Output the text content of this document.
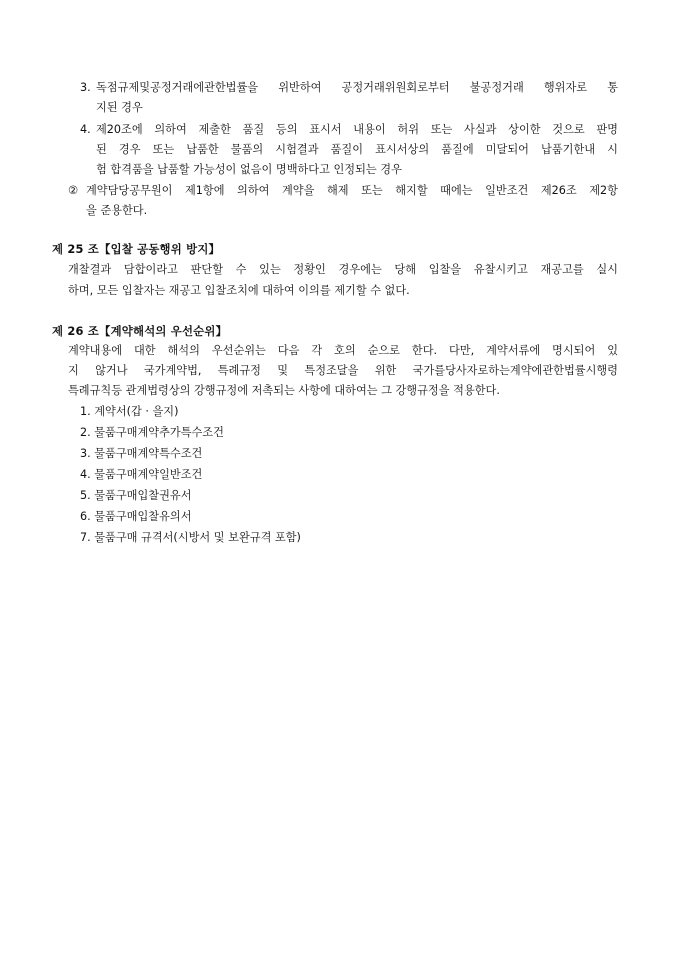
3. 독점규제및공정거래에관한법률을 위반하여 공정거래위원회로부터 불공정거래 행위자로 통
지된 경우
4. 제20조에 의하여 제출한 품질 등의 표시서 내용이 허위 또는 사실과 상이한 것으로 판명
된 경우 또는 납품한 물품의 시험결과 품질이 표시서상의 품질에 미달되어 납품기한내 시
험 합격품을 납품할 가능성이 없음이 명백하다고 인정되는 경우
② 계약담당공무원이 제1항에 의하여 계약을 해제 또는 해지할 때에는 일반조건 제26조 제2항
을 준용한다.
제 25 조【입찰 공동행위 방지】
개찰결과 담합이라고 판단할 수 있는 정황인 경우에는 당해 입찰을 유찰시키고 재공고를 실시
하며, 모든 입찰자는 재공고 입찰조치에 대하여 이의를 제기할 수 없다.
제 26 조【계약해석의 우선순위】
계약내용에 대한 해석의 우선순위는 다음 각 호의 순으로 한다. 다만, 계약서류에 명시되어 있
지 않거나 국가계약법, 특례규정 및 특정조달을 위한 국가를당사자로하는계약에관한법률시행령
특례규칙등 관계법령상의 강행규정에 저촉되는 사항에 대하여는 그 강행규정을 적용한다.
1. 계약서(갑 · 을지)
2. 물품구매계약추가특수조건
3. 물품구매계약특수조건
4. 물품구매계약일반조건
5. 물품구매입찰권유서
6. 물품구매입찰유의서
7. 물품구매 규격서(시방서 및 보완규격 포함)
